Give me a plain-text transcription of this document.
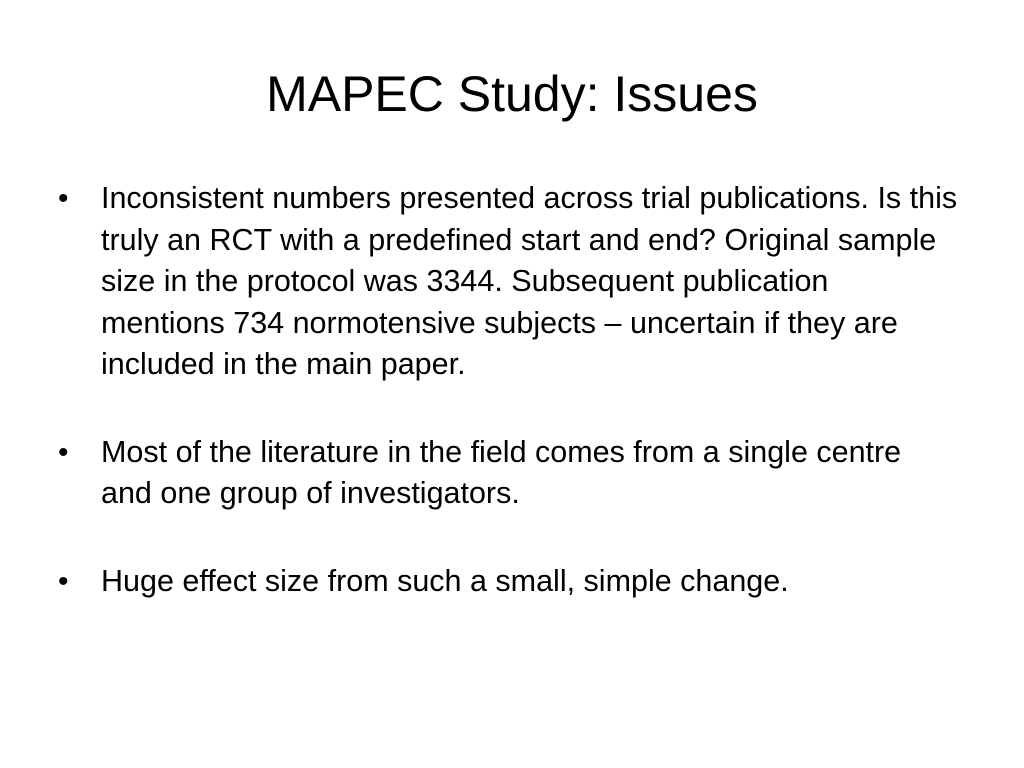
MAPEC Study: Issues
•	Inconsistent numbers presented across trial publications. Is this truly an RCT with a predefined start and end? Original sample size in the protocol was 3344. Subsequent publication mentions 734 normotensive subjects – uncertain if they are included in the main paper.
•	Most of the literature in the field comes from a single centre and one group of investigators.
•	Huge effect size from such a small, simple change.
